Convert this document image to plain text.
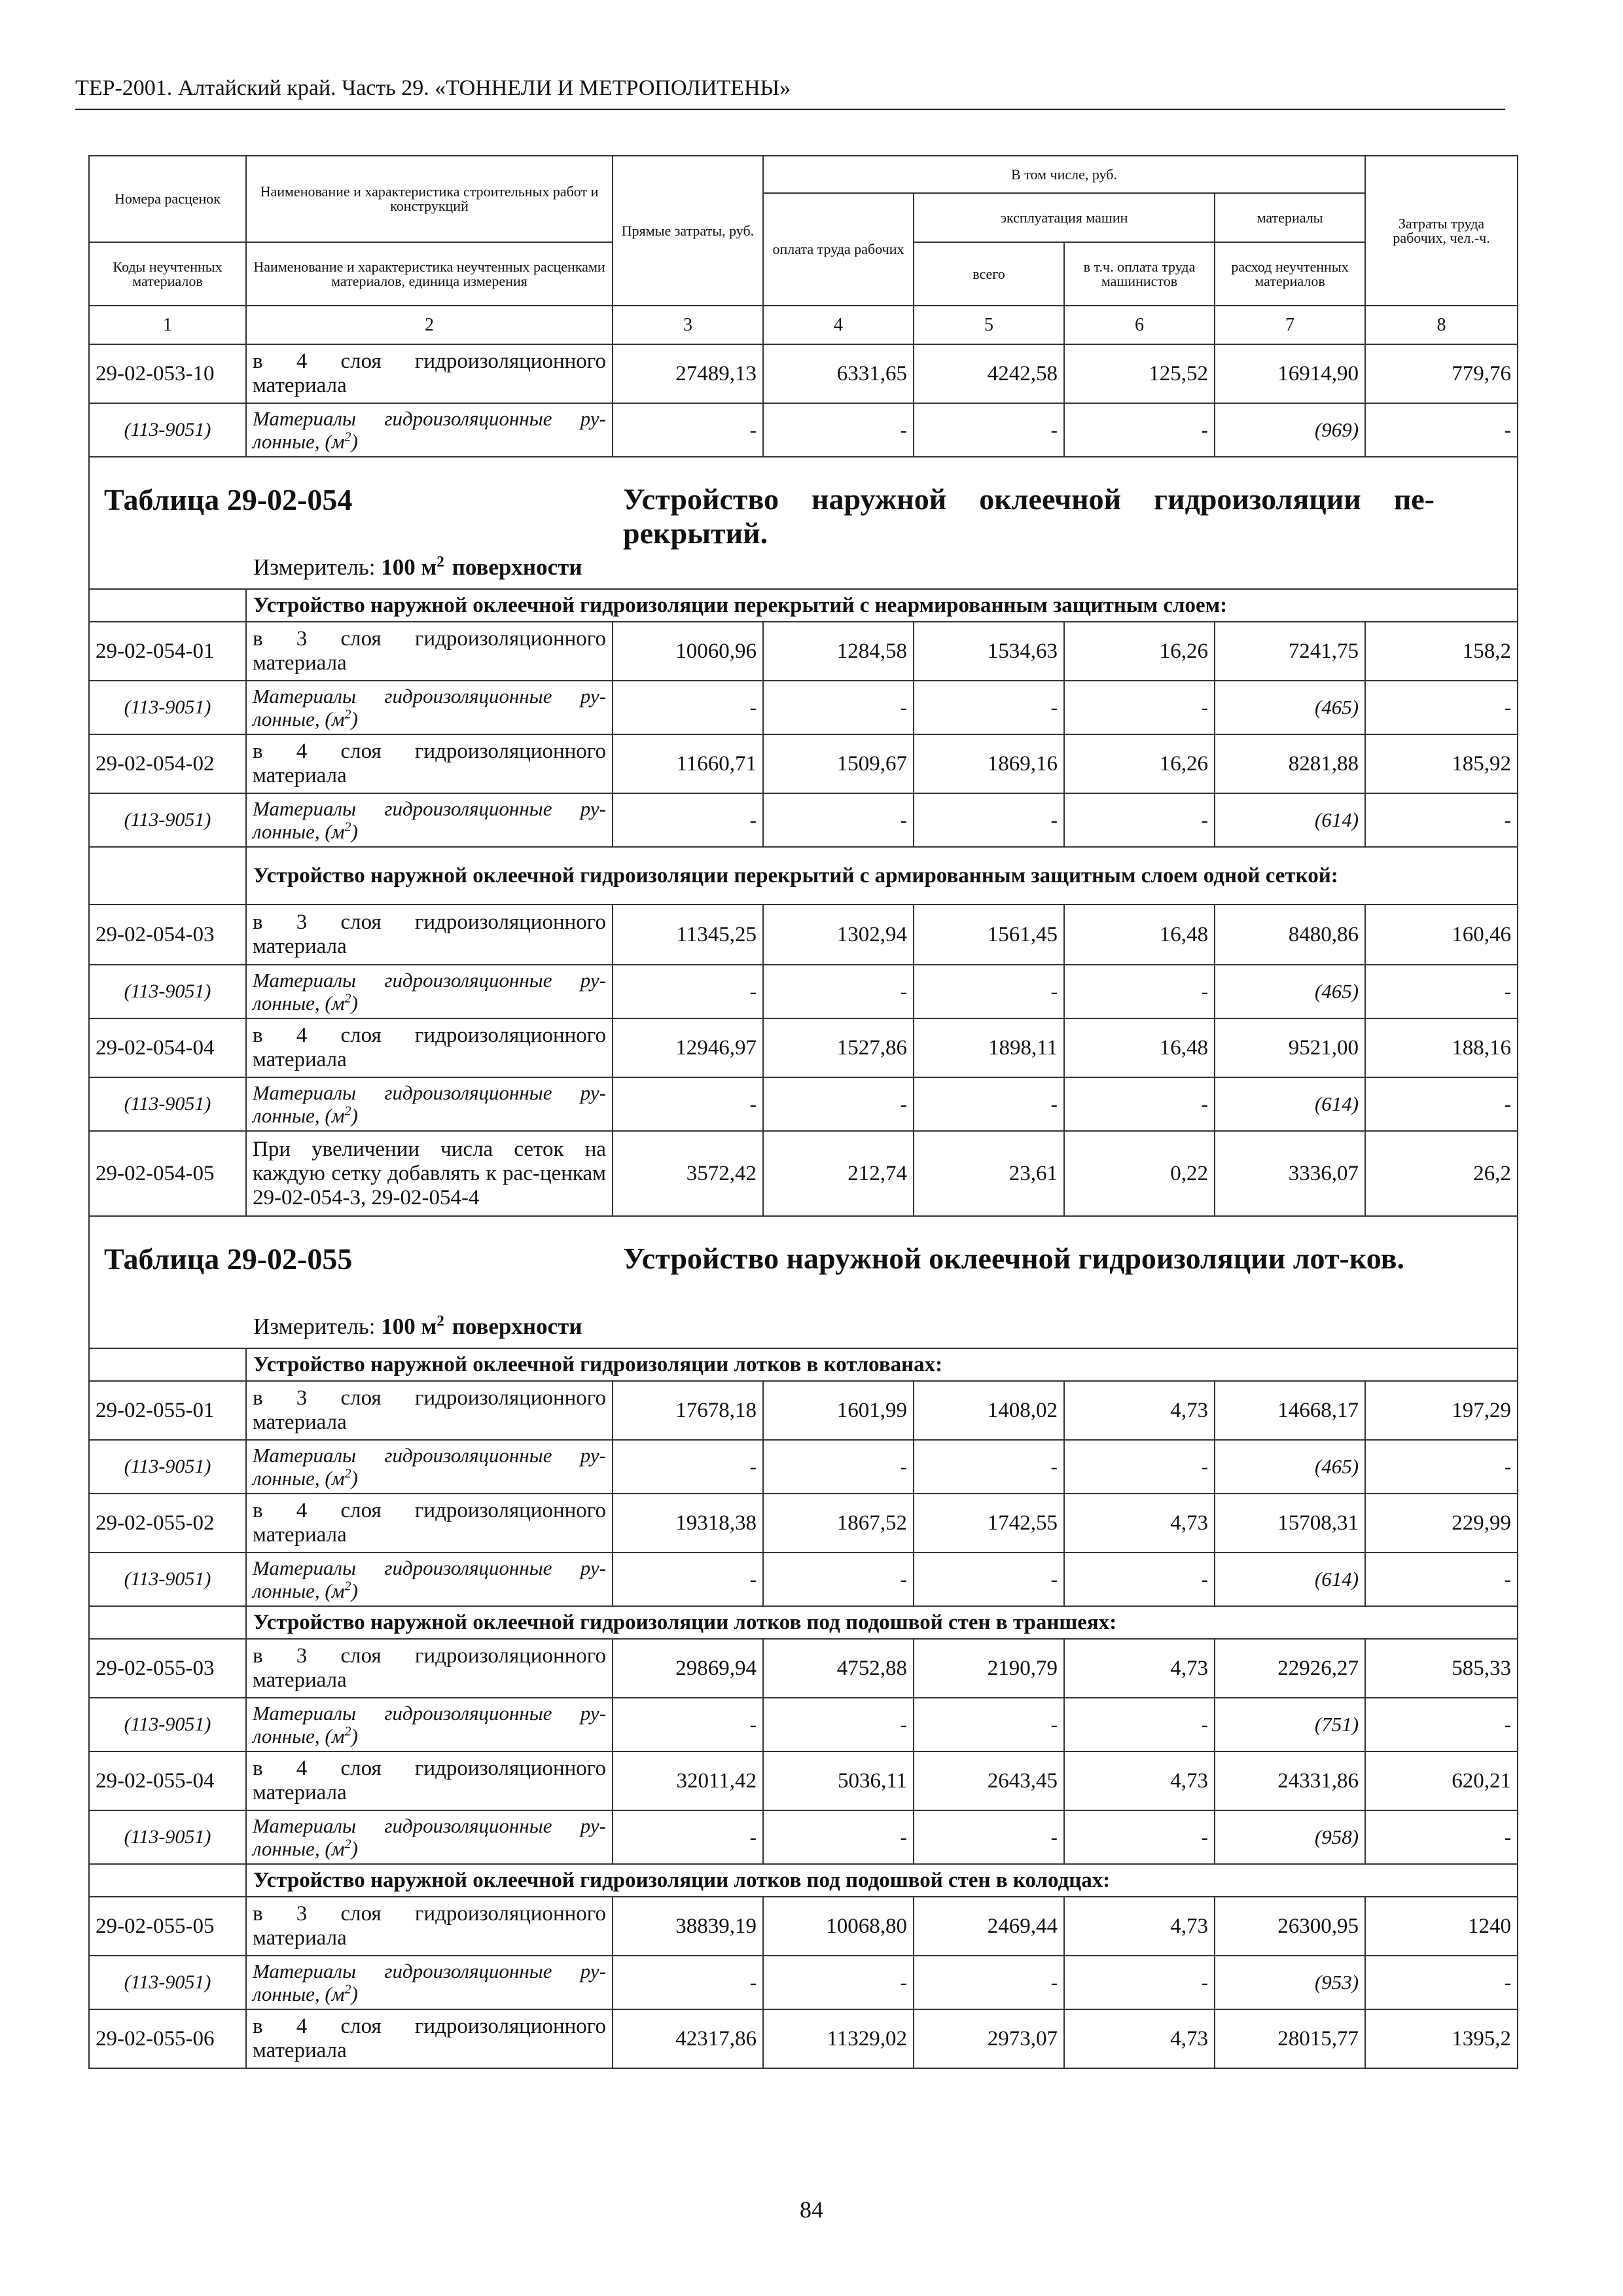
ТЕР-2001. Алтайский край. Часть 29. «ТОННЕЛИ И МЕТРОПОЛИТЕНЫ»
Номера расценок	Наименование и характеристика строительных работ и конструкций	Прямые затраты, руб.	В том числе, руб.				Затраты труда рабочих, чел.-ч.
			оплата труда рабочих	эксплуатация машин		материалы	
Коды неучтенных материалов	Наименование и характеристика неучтенных расценками материалов, единица измерения			всего	в т.ч. оплата труда машинистов	расход неучтенных материалов	
1	2	3	4	5	6	7	8
29-02-053-10	в 4 слоя гидроизоляционного материала	27489,13	6331,65	4242,58	125,52	16914,90	779,76
(113-9051)	Материалы гидроизоляционные ру-лонные, $(м^2)$	-	-	-	-	(969)	-

Таблица 29-02-054 Устройство наружной оклеечной гидроизоляции пе-рекрытий.
Измеритель: 100 $м^2$ поверхности							

	Устройство наружной оклеечной гидроизоляции перекрытий с неармированным защитным слоем:						
29-02-054-01	в 3 слоя гидроизоляционного материала	10060,96	1284,58	1534,63	16,26	7241,75	158,2
(113-9051)	Материалы гидроизоляционные ру-лонные, $(м^2)$	-	-	-	-	(465)	-
29-02-054-02	в 4 слоя гидроизоляционного материала	11660,71	1509,67	1869,16	16,26	8281,88	185,92
(113-9051)	Материалы гидроизоляционные ру-лонные, $(м^2)$	-	-	-	-	(614)	-
	Устройство наружной оклеечной гидроизоляции перекрытий с армированным защитным слоем одной сеткой:						
29-02-054-03	в 3 слоя гидроизоляционного материала	11345,25	1302,94	1561,45	16,48	8480,86	160,46
(113-9051)	Материалы гидроизоляционные ру-лонные, $(м^2)$	-	-	-	-	(465)	-
29-02-054-04	в 4 слоя гидроизоляционного материала	12946,97	1527,86	1898,11	16,48	9521,00	188,16
(113-9051)	Материалы гидроизоляционные ру-лонные, $(м^2)$	-	-	-	-	(614)	-
29-02-054-05	При увеличении числа сеток на каждую сетку добавлять к рас-ценкам 29-02-054-3, 29-02-054-4	3572,42	212,74	23,61	0,22	3336,07	26,2

Таблица 29-02-055 Устройство наружной оклеечной гидроизоляции лот-ков.
Измеритель: 100 $м^2$ поверхности							

	Устройство наружной оклеечной гидроизоляции лотков в котлованах:						
29-02-055-01	в 3 слоя гидроизоляционного материала	17678,18	1601,99	1408,02	4,73	14668,17	197,29
(113-9051)	Материалы гидроизоляционные ру-лонные, $(м^2)$	-	-	-	-	(465)	-
29-02-055-02	в 4 слоя гидроизоляционного материала	19318,38	1867,52	1742,55	4,73	15708,31	229,99
(113-9051)	Материалы гидроизоляционные ру-лонные, $(м^2)$	-	-	-	-	(614)	-
	Устройство наружной оклеечной гидроизоляции лотков под подошвой стен в траншеях:						
29-02-055-03	в 3 слоя гидроизоляционного материала	29869,94	4752,88	2190,79	4,73	22926,27	585,33
(113-9051)	Материалы гидроизоляционные ру-лонные, $(м^2)$	-	-	-	-	(751)	-
29-02-055-04	в 4 слоя гидроизоляционного материала	32011,42	5036,11	2643,45	4,73	24331,86	620,21
(113-9051)	Материалы гидроизоляционные ру-лонные, $(м^2)$	-	-	-	-	(958)	-
	Устройство наружной оклеечной гидроизоляции лотков под подошвой стен в колодцах:						
29-02-055-05	в 3 слоя гидроизоляционного материала	38839,19	10068,80	2469,44	4,73	26300,95	1240
(113-9051)	Материалы гидроизоляционные ру-лонные, $(м^2)$	-	-	-	-	(953)	-
29-02-055-06	в 4 слоя гидроизоляционного материала	42317,86	11329,02	2973,07	4,73	28015,77	1395,2
84
